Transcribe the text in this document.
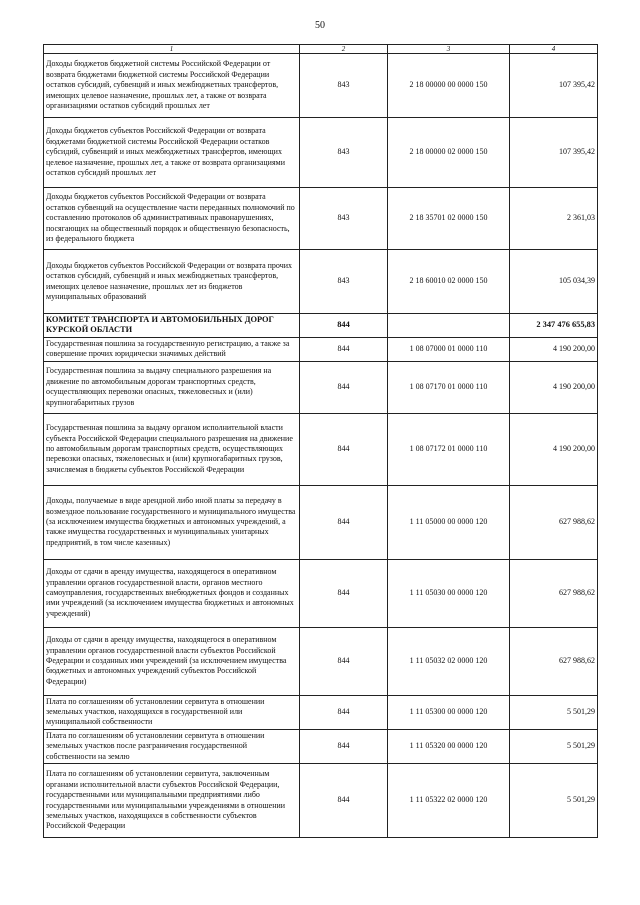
50
1	2	3	4
Доходы бюджетов бюджетной системы Российской Федерации от возврата бюджетами бюджетной системы Российской Федерации остатков субсидий, субвенций и иных межбюджетных трансфертов, имеющих целевое назначение, прошлых лет, а также от возврата организациями остатков субсидий прошлых лет	843	2 18 00000 00 0000 150	107 395,42
Доходы бюджетов субъектов Российской Федерации от возврата бюджетами бюджетной системы Российской Федерации остатков субсидий, субвенций и иных межбюджетных трансфертов, имеющих целевое назначение, прошлых лет, а также от возврата организациями остатков субсидий прошлых лет	843	2 18 00000 02 0000 150	107 395,42
Доходы бюджетов субъектов Российской Федерации от возврата остатков субвенций на осуществление части переданных полномочий по составлению протоколов об административных правонарушениях, посягающих на общественный порядок и общественную безопасность, из федерального бюджета	843	2 18 35701 02 0000 150	2 361,03
Доходы бюджетов субъектов Российской Федерации от возврата прочих остатков субсидий, субвенций и иных межбюджетных трансфертов, имеющих целевое назначение, прошлых лет из бюджетов муниципальных образований	843	2 18 60010 02 0000 150	105 034,39
КОМИТЕТ ТРАНСПОРТА И АВТОМОБИЛЬНЫХ ДОРОГ КУРСКОЙ ОБЛАСТИ	844		2 347 476 655,83
Государственная пошлина за государственную регистрацию, а также за совершение прочих юридически значимых действий	844	1 08 07000 01 0000 110	4 190 200,00
Государственная пошлина за выдачу специального разрешения на движение по автомобильным дорогам транспортных средств, осуществляющих перевозки опасных, тяжеловесных и (или) крупногабаритных грузов	844	1 08 07170 01 0000 110	4 190 200,00
Государственная пошлина за выдачу органом исполнительной власти субъекта Российской Федерации специального разрешения на движение по автомобильным дорогам транспортных средств, осуществляющих перевозки опасных, тяжеловесных и (или) крупногабаритных грузов, зачисляемая в бюджеты субъектов Российской Федерации	844	1 08 07172 01 0000 110	4 190 200,00
Доходы, получаемые в виде арендной либо иной платы за передачу в возмездное пользование государственного и муниципального имущества (за исключением имущества бюджетных и автономных учреждений, а также имущества государственных и муниципальных унитарных предприятий, в том числе казенных)	844	1 11 05000 00 0000 120	627 988,62
Доходы от сдачи в аренду имущества, находящегося в оперативном управлении органов государственной власти, органов местного самоуправления, государственных внебюджетных фондов и созданных ими учреждений (за исключением имущества бюджетных и автономных учреждений)	844	1 11 05030 00 0000 120	627 988,62
Доходы от сдачи в аренду имущества, находящегося в оперативном управлении органов государственной власти субъектов Российской Федерации и созданных ими учреждений (за исключением имущества бюджетных и автономных учреждений субъектов Российской Федерации)	844	1 11 05032 02 0000 120	627 988,62
Плата по соглашениям об установлении сервитута в отношении земельных участков, находящихся в государственной или муниципальной собственности	844	1 11 05300 00 0000 120	5 501,29
Плата по соглашениям об установлении сервитута в отношении земельных участков после разграничения государственной собственности на землю	844	1 11 05320 00 0000 120	5 501,29
Плата по соглашениям об установлении сервитута, заключенным органами исполнительной власти субъектов Российской Федерации, государственными или муниципальными предприятиями либо государственными или муниципальными учреждениями в отношении земельных участков, находящихся в собственности субъектов Российской Федерации	844	1 11 05322 02 0000 120	5 501,29
